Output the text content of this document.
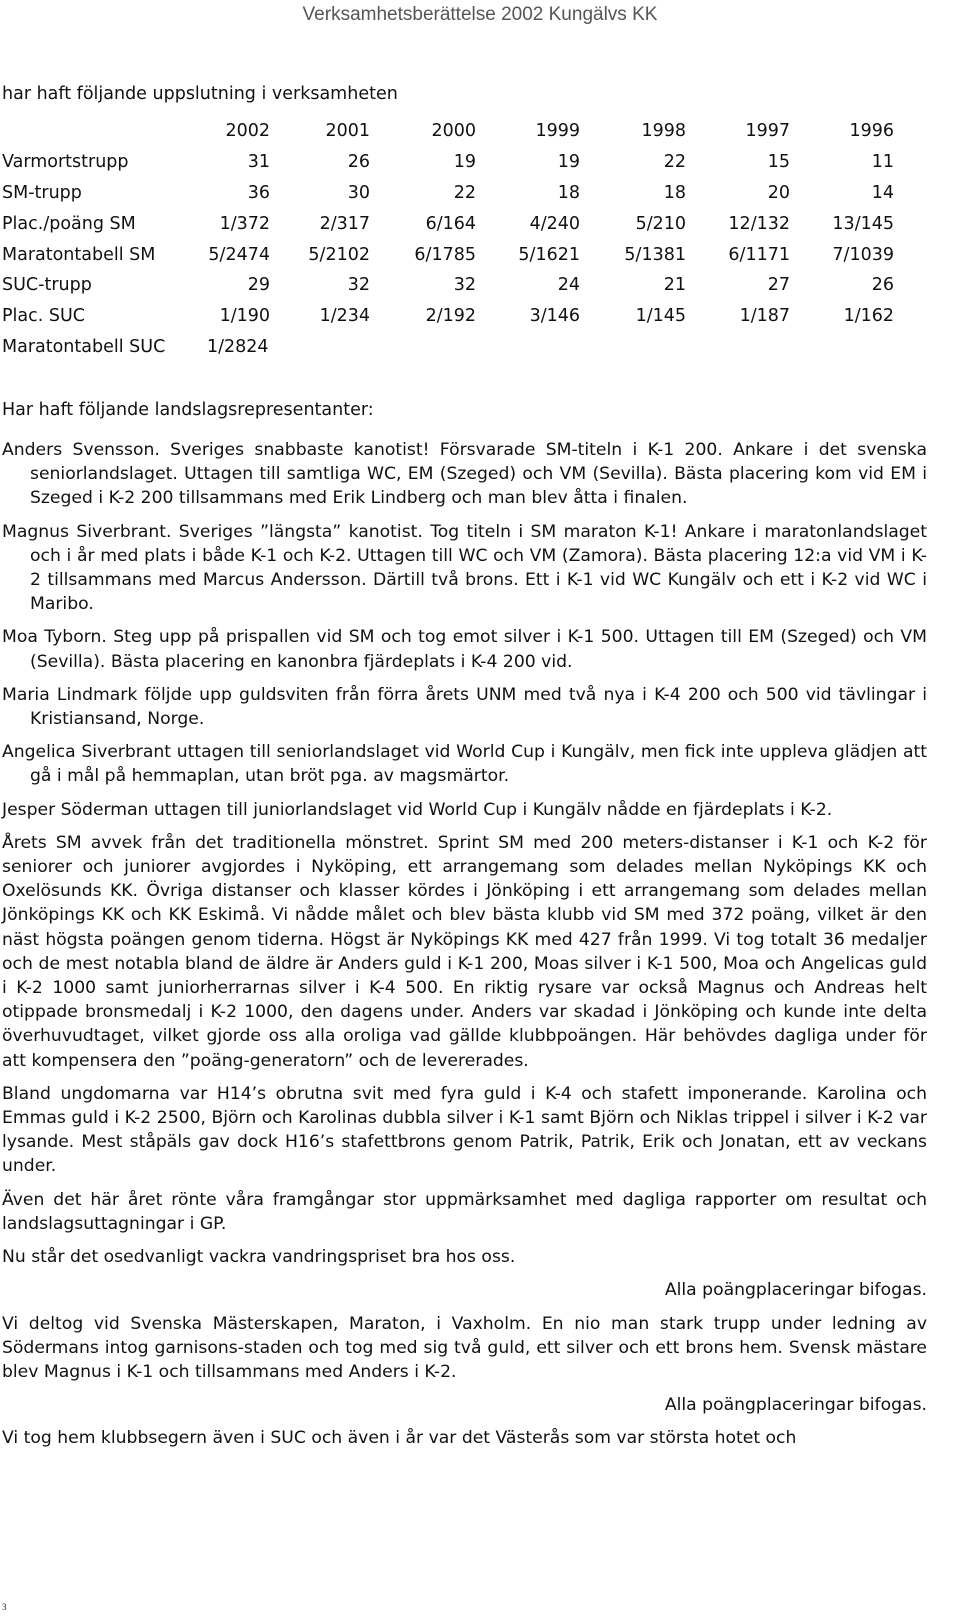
Verksamhetsberättelse 2002 Kungälvs KK
har haft följande uppslutning i verksamheten
	2002	2001	2000	1999	1998	1997	1996
Varmortstrupp	31	26	19	19	22	15	11
SM-trupp	36	30	22	18	18	20	14
Plac./poäng SM	1/372	2/317	6/164	4/240	5/210	12/132	13/145
Maratontabell SM	5/2474	5/2102	6/1785	5/1621	5/1381	6/1171	7/1039
SUC-trupp	29	32	32	24	21	27	26
Plac. SUC	1/190	1/234	2/192	3/146	1/145	1/187	1/162
Maratontabell SUC	1/2824						
Har haft följande landslagsrepresentanter:

Anders Svensson. Sveriges snabbaste kanotist! Försvarade SM-titeln i K-1 200. Ankare i det svenska seniorlandslaget. Uttagen till samtliga WC, EM (Szeged) och VM (Sevilla). Bästa placering kom vid EM i Szeged i K-2 200 tillsammans med Erik Lindberg och man blev åtta i finalen.

Magnus Siverbrant. Sveriges ”längsta” kanotist. Tog titeln i SM maraton K-1! Ankare i maratonlandslaget och i år med plats i både K-1 och K-2. Uttagen till WC och VM (Zamora). Bästa placering 12:a vid VM i K-2 tillsammans med Marcus Andersson. Därtill två brons. Ett i K-1 vid WC Kungälv och ett i K-2 vid WC i Maribo.

Moa Tyborn. Steg upp på prispallen vid SM och tog emot silver i K-1 500. Uttagen till EM (Szeged) och VM (Sevilla). Bästa placering en kanonbra fjärdeplats i K-4 200 vid.

Maria Lindmark följde upp guldsviten från förra årets UNM med två nya i K-4 200 och 500 vid tävlingar i Kristiansand, Norge.

Angelica Siverbrant uttagen till seniorlandslaget vid World Cup i Kungälv, men fick inte uppleva glädjen att gå i mål på hemmaplan, utan bröt pga. av magsmärtor.

Jesper Söderman uttagen till juniorlandslaget vid World Cup i Kungälv nådde en fjärdeplats i K-2.

Årets SM avvek från det traditionella mönstret. Sprint SM med 200 meters-distanser i K-1 och K-2 för seniorer och juniorer avgjordes i Nyköping, ett arrangemang som delades mellan Nyköpings KK och Oxelösunds KK. Övriga distanser och klasser kördes i Jönköping i ett arrangemang som delades mellan Jönköpings KK och KK Eskimå. Vi nådde målet och blev bästa klubb vid SM med 372 poäng, vilket är den näst högsta poängen genom tiderna. Högst är Nyköpings KK med 427 från 1999. Vi tog totalt 36 medaljer och de mest notabla bland de äldre är Anders guld i K-1 200, Moas silver i K-1 500, Moa och Angelicas guld i K-2 1000 samt juniorherrarnas silver i K-4 500. En riktig rysare var också Magnus och Andreas helt otippade bronsmedalj i K-2 1000, den dagens under. Anders var skadad i Jönköping och kunde inte delta överhuvudtaget, vilket gjorde oss alla oroliga vad gällde klubbpoängen. Här behövdes dagliga under för att kompensera den ”poäng-generatorn” och de levererades.

Bland ungdomarna var H14’s obrutna svit med fyra guld i K-4 och stafett imponerande. Karolina och Emmas guld i K-2 2500, Björn och Karolinas dubbla silver i K-1 samt Björn och Niklas trippel i silver i K-2 var lysande. Mest ståpäls gav dock H16’s stafettbrons genom Patrik, Patrik, Erik och Jonatan, ett av veckans under.

Även det här året rönte våra framgångar stor uppmärksamhet med dagliga rapporter om resultat och landslagsuttagningar i GP.

Nu står det osedvanligt vackra vandringspriset bra hos oss.

Alla poängplaceringar bifogas.

Vi deltog vid Svenska Mästerskapen, Maraton, i Vaxholm. En nio man stark trupp under ledning av Södermans intog garnisons-staden och tog med sig två guld, ett silver och ett brons hem. Svensk mästare blev Magnus i K-1 och tillsammans med Anders i K-2.

Alla poängplaceringar bifogas.

Vi tog hem klubbsegern även i SUC och även i år var det Västerås som var största hotet och

3
